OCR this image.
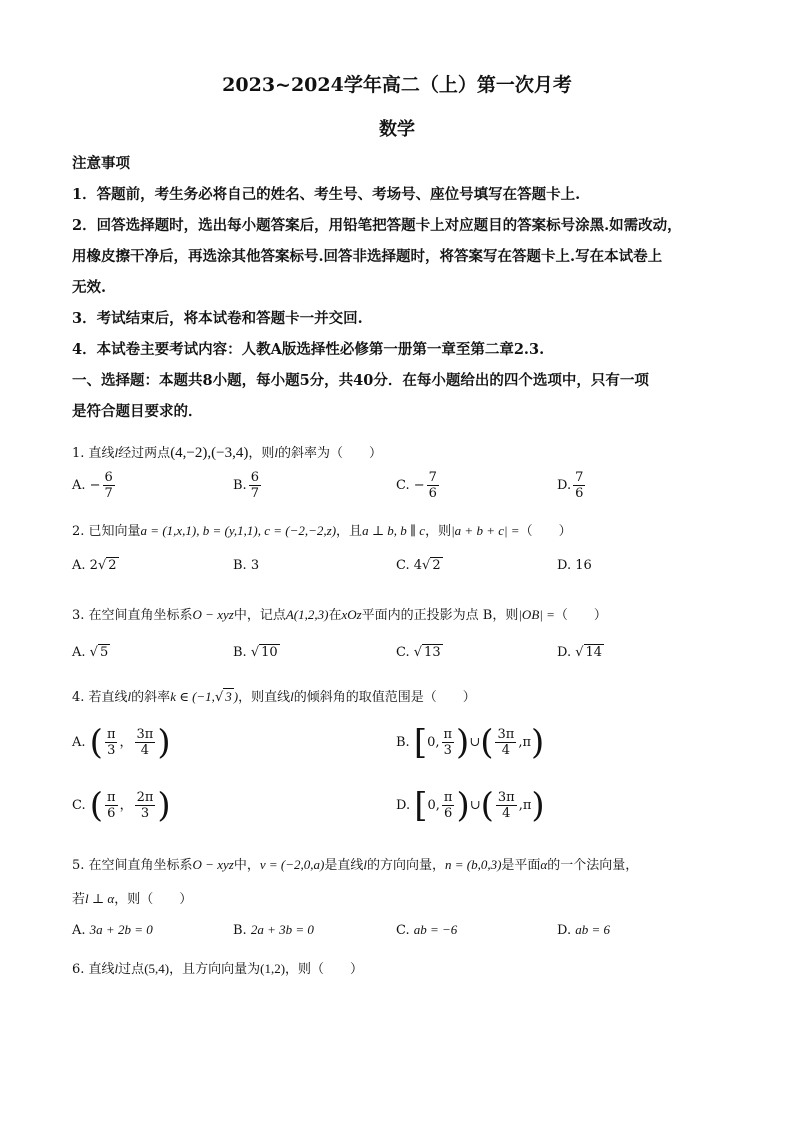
2023~2024学年高二（上）第一次月考
数学
注意事项
1．答题前，考生务必将自己的姓名、考生号、考场号、座位号填写在答题卡上.
2．回答选择题时，选出每小题答案后，用铅笔把答题卡上对应题目的答案标号涂黑.如需改动，
用橡皮擦干净后，再选涂其他答案标号.回答非选择题时，将答案写在答题卡上.写在本试卷上
无效.
3．考试结束后，将本试卷和答题卡一并交回.
4．本试卷主要考试内容：人教A版选择性必修第一册第一章至第二章2.3.
一、选择题：本题共8小题，每小题5分，共40分．在每小题给出的四个选项中，只有一项
是符合题目要求的．
1. 直线l经过两点(4,−2),(−3,4)，则l的斜率为（　　）
A. − $\frac{6}{7}$	B. $\frac{6}{7}$	C. − $\frac{7}{6}$	D. $\frac{7}{6}$
2. 已知向量a = (1,x,1), b = (y,1,1), c = (−2,−2,z)，且a ⊥ b, b ∥ c，则|a + b + c| =（　　）
A. 2√ 2	B. 3	C. 4√ 2	D. 16
3. 在空间直角坐标系O − xyz中，记点A(1,2,3)在xOz平面内的正投影为点 B，则|OB| =（　　）
A. √ 5	B. √ 10	C. √ 13	D. √ 14
4. 若直线l的斜率k ∈ (−1,√ 3 )，则直线l的倾斜角的取值范围是（　　）
A. ( $\frac{\pi}{3}$ ， $\frac{3\pi}{4}$ )	B. [0, $\frac{\pi}{3}$ )∪( $\frac{3\pi}{4} ,\pi$)
C. ( $\frac{\pi}{6}$ ， $\frac{2\pi}{3}$ )	D. [0, $\frac{\pi}{6}$ )∪( $\frac{3\pi}{4} ,\pi$)
5. 在空间直角坐标系O − xyz中，v = (−2,0,a)是直线l的方向向量，n = (b,0,3)是平面α的一个法向量，
若l ⊥ α，则（　　）
A. 3a + 2b = 0	B. 2a + 3b = 0	C. ab = −6	D. ab = 6
6. 直线l过点(5,4)，且方向向量为(1,2)，则（　　）
